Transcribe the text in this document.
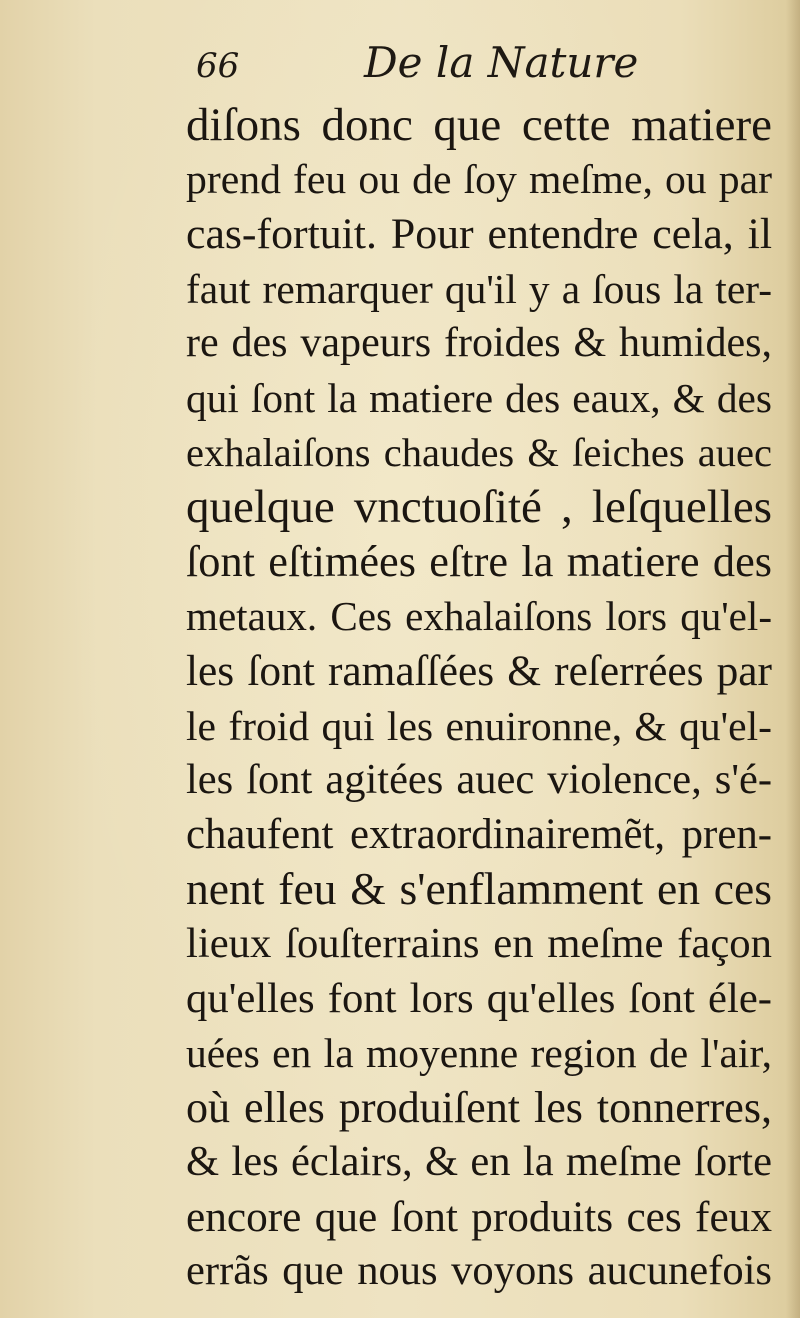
66	De la Nature
diſons donc que cette matiere
prend feu ou de ſoy meſme, ou par
cas-fortuit. Pour entendre cela, il
faut remarquer qu'il y a ſous la ter-
re des vapeurs froides & humides,
qui ſont la matiere des eaux, & des
exhalaiſons chaudes & ſeiches auec
quelque vnctuoſité , leſquelles
ſont eſtimées eſtre la matiere des
metaux. Ces exhalaiſons lors qu'el-
les ſont ramaſſées & reſerrées par
le froid qui les enuironne, & qu'el-
les ſont agitées auec violence, s'é-
chaufent extraordinairemẽt, pren-
nent feu & s'enflamment en ces
lieux ſouſterrains en meſme façon
qu'elles font lors qu'elles ſont éle-
uées en la moyenne region de l'air,
où elles produiſent les tonnerres,
& les éclairs, & en la meſme ſorte
encore que ſont produits ces feux
errãs que nous voyons aucunefois
